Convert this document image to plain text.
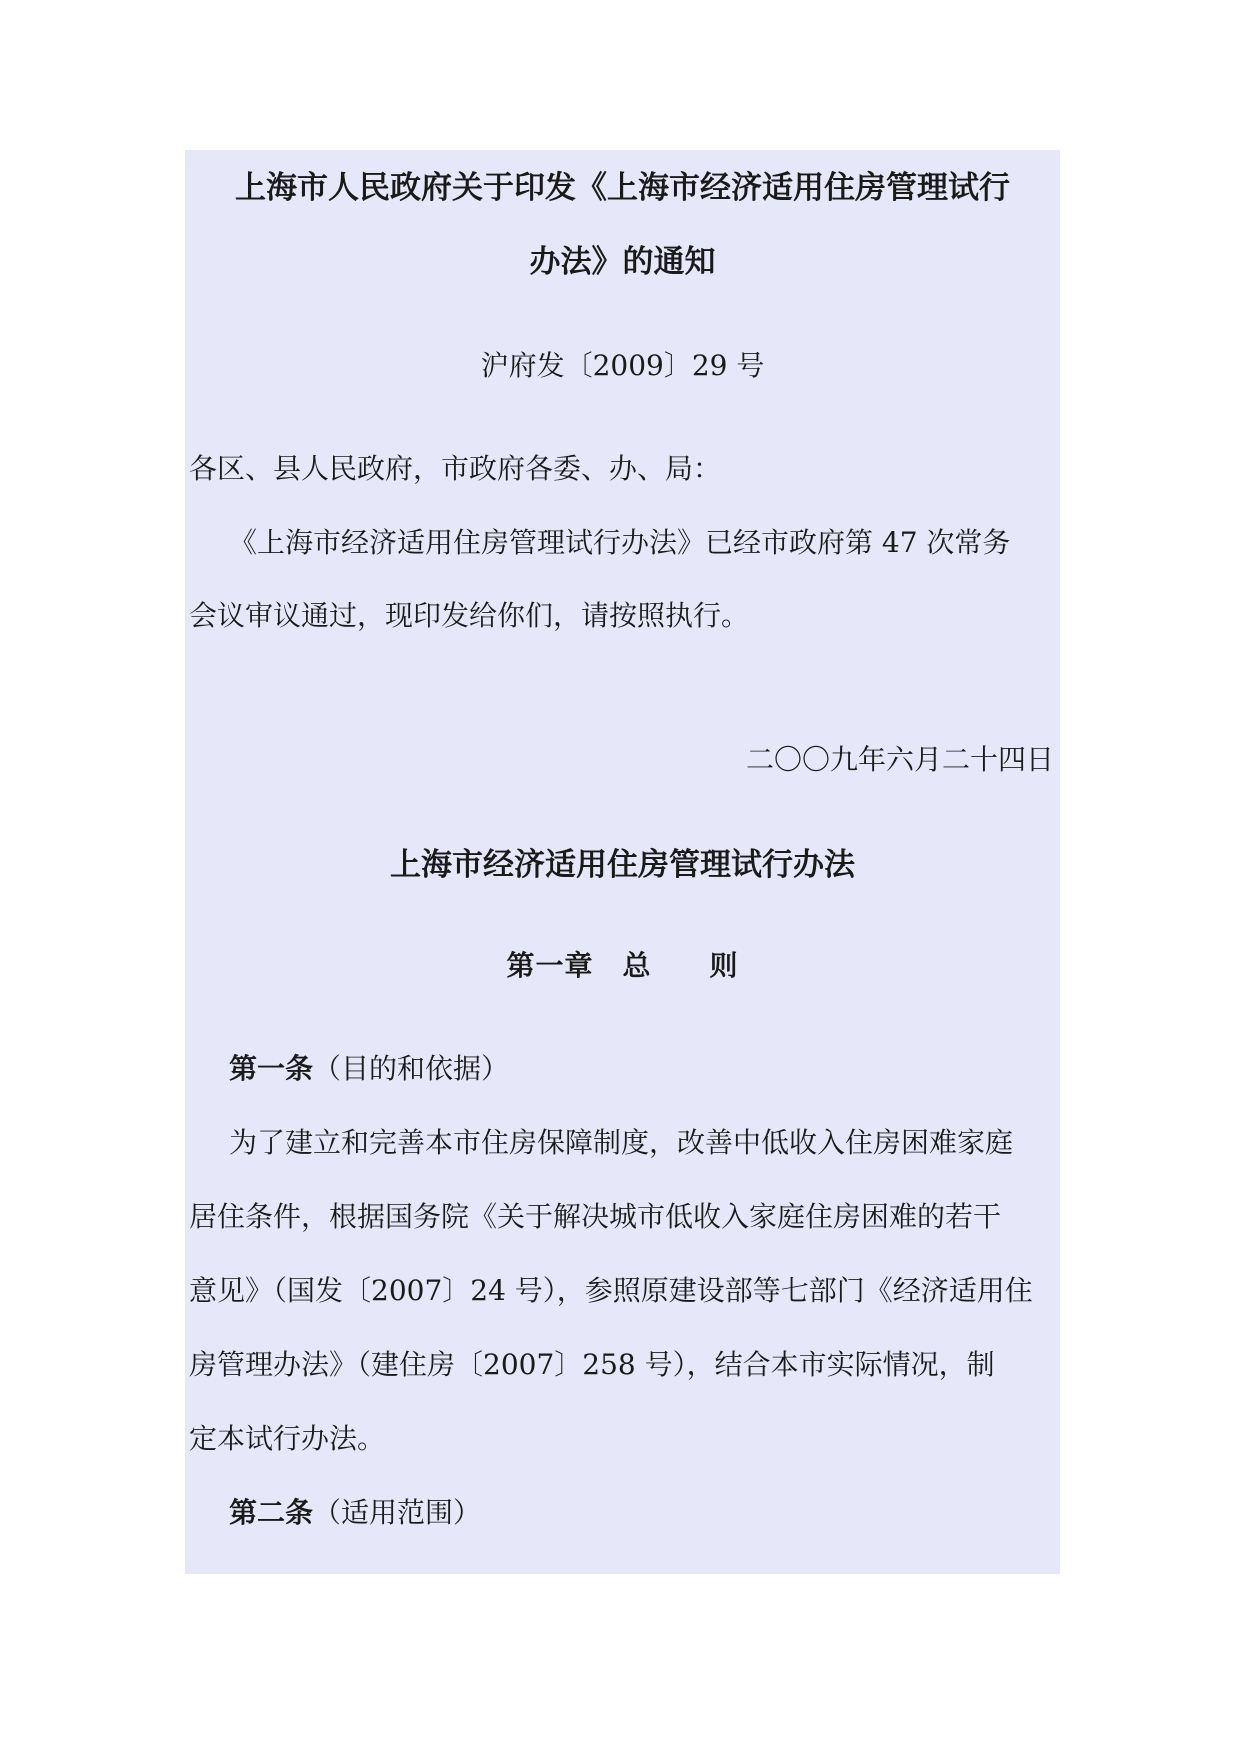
上海市人民政府关于印发《上海市经济适用住房管理试行
办法》的通知
沪府发〔2009〕29 号
各区、县人民政府，市政府各委、办、局：
《上海市经济适用住房管理试行办法》已经市政府第 47 次常务
会议审议通过，现印发给你们，请按照执行。
二〇〇九年六月二十四日
上海市经济适用住房管理试行办法
第一章　总　　则
第一条（目的和依据）
为了建立和完善本市住房保障制度，改善中低收入住房困难家庭
居住条件，根据国务院《关于解决城市低收入家庭住房困难的若干
意见》（国发〔2007〕24 号），参照原建设部等七部门《经济适用住
房管理办法》（建住房〔2007〕258 号），结合本市实际情况，制
定本试行办法。
第二条（适用范围）
